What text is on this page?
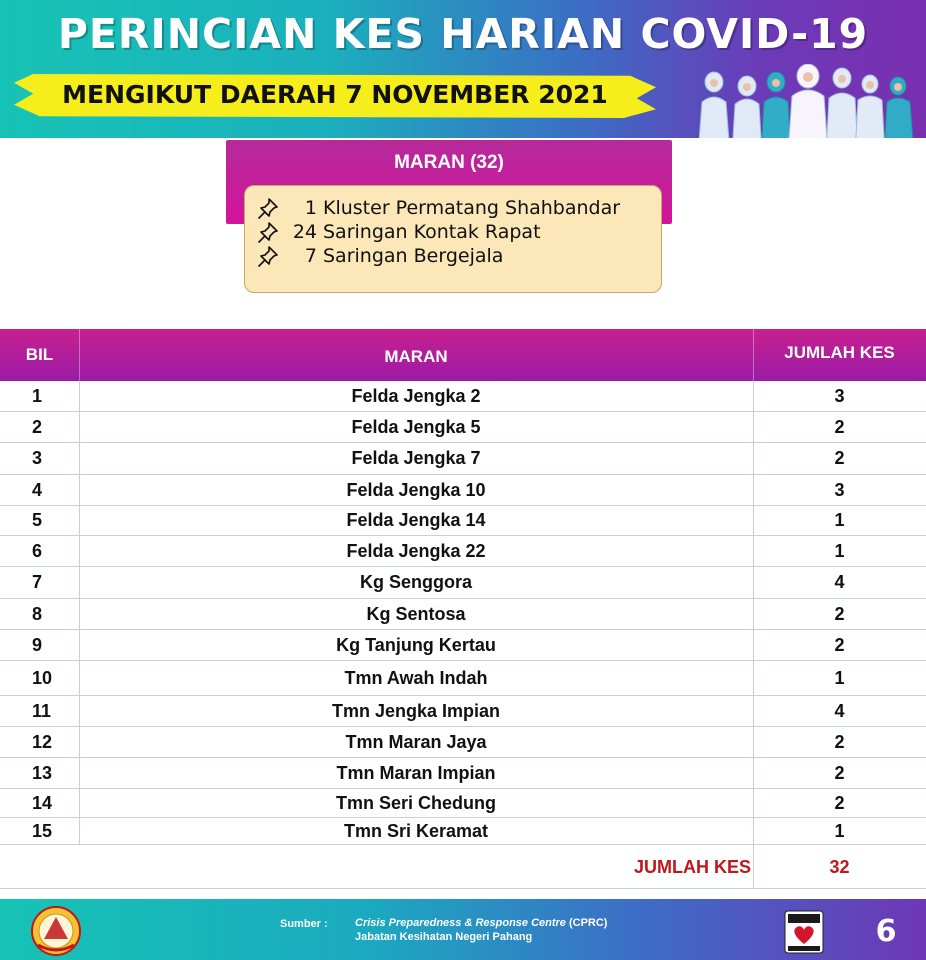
PERINCIAN KES HARIAN COVID-19
MENGIKUT DAERAH 7 NOVEMBER 2021
MARAN (32)
1 Kluster Permatang Shahbandar
24 Saringan Kontak Rapat
7 Saringan Bergejala
BIL	MARAN	JUMLAH KES
1	Felda Jengka 2	3
2	Felda Jengka 5	2
3	Felda Jengka 7	2
4	Felda Jengka 10	3
5	Felda Jengka 14	1
6	Felda Jengka 22	1
7	Kg Senggora	4
8	Kg Sentosa	2
9	Kg Tanjung Kertau	2
10	Tmn Awah Indah	1
11	Tmn Jengka Impian	4
12	Tmn Maran Jaya	2
13	Tmn Maran Impian	2
14	Tmn Seri Chedung	2
15	Tmn Sri Keramat	1
JUMLAH KES	32
Sumber : Crisis Preparedness & Response Centre (CPRC)
Jabatan Kesihatan Negeri Pahang	6
